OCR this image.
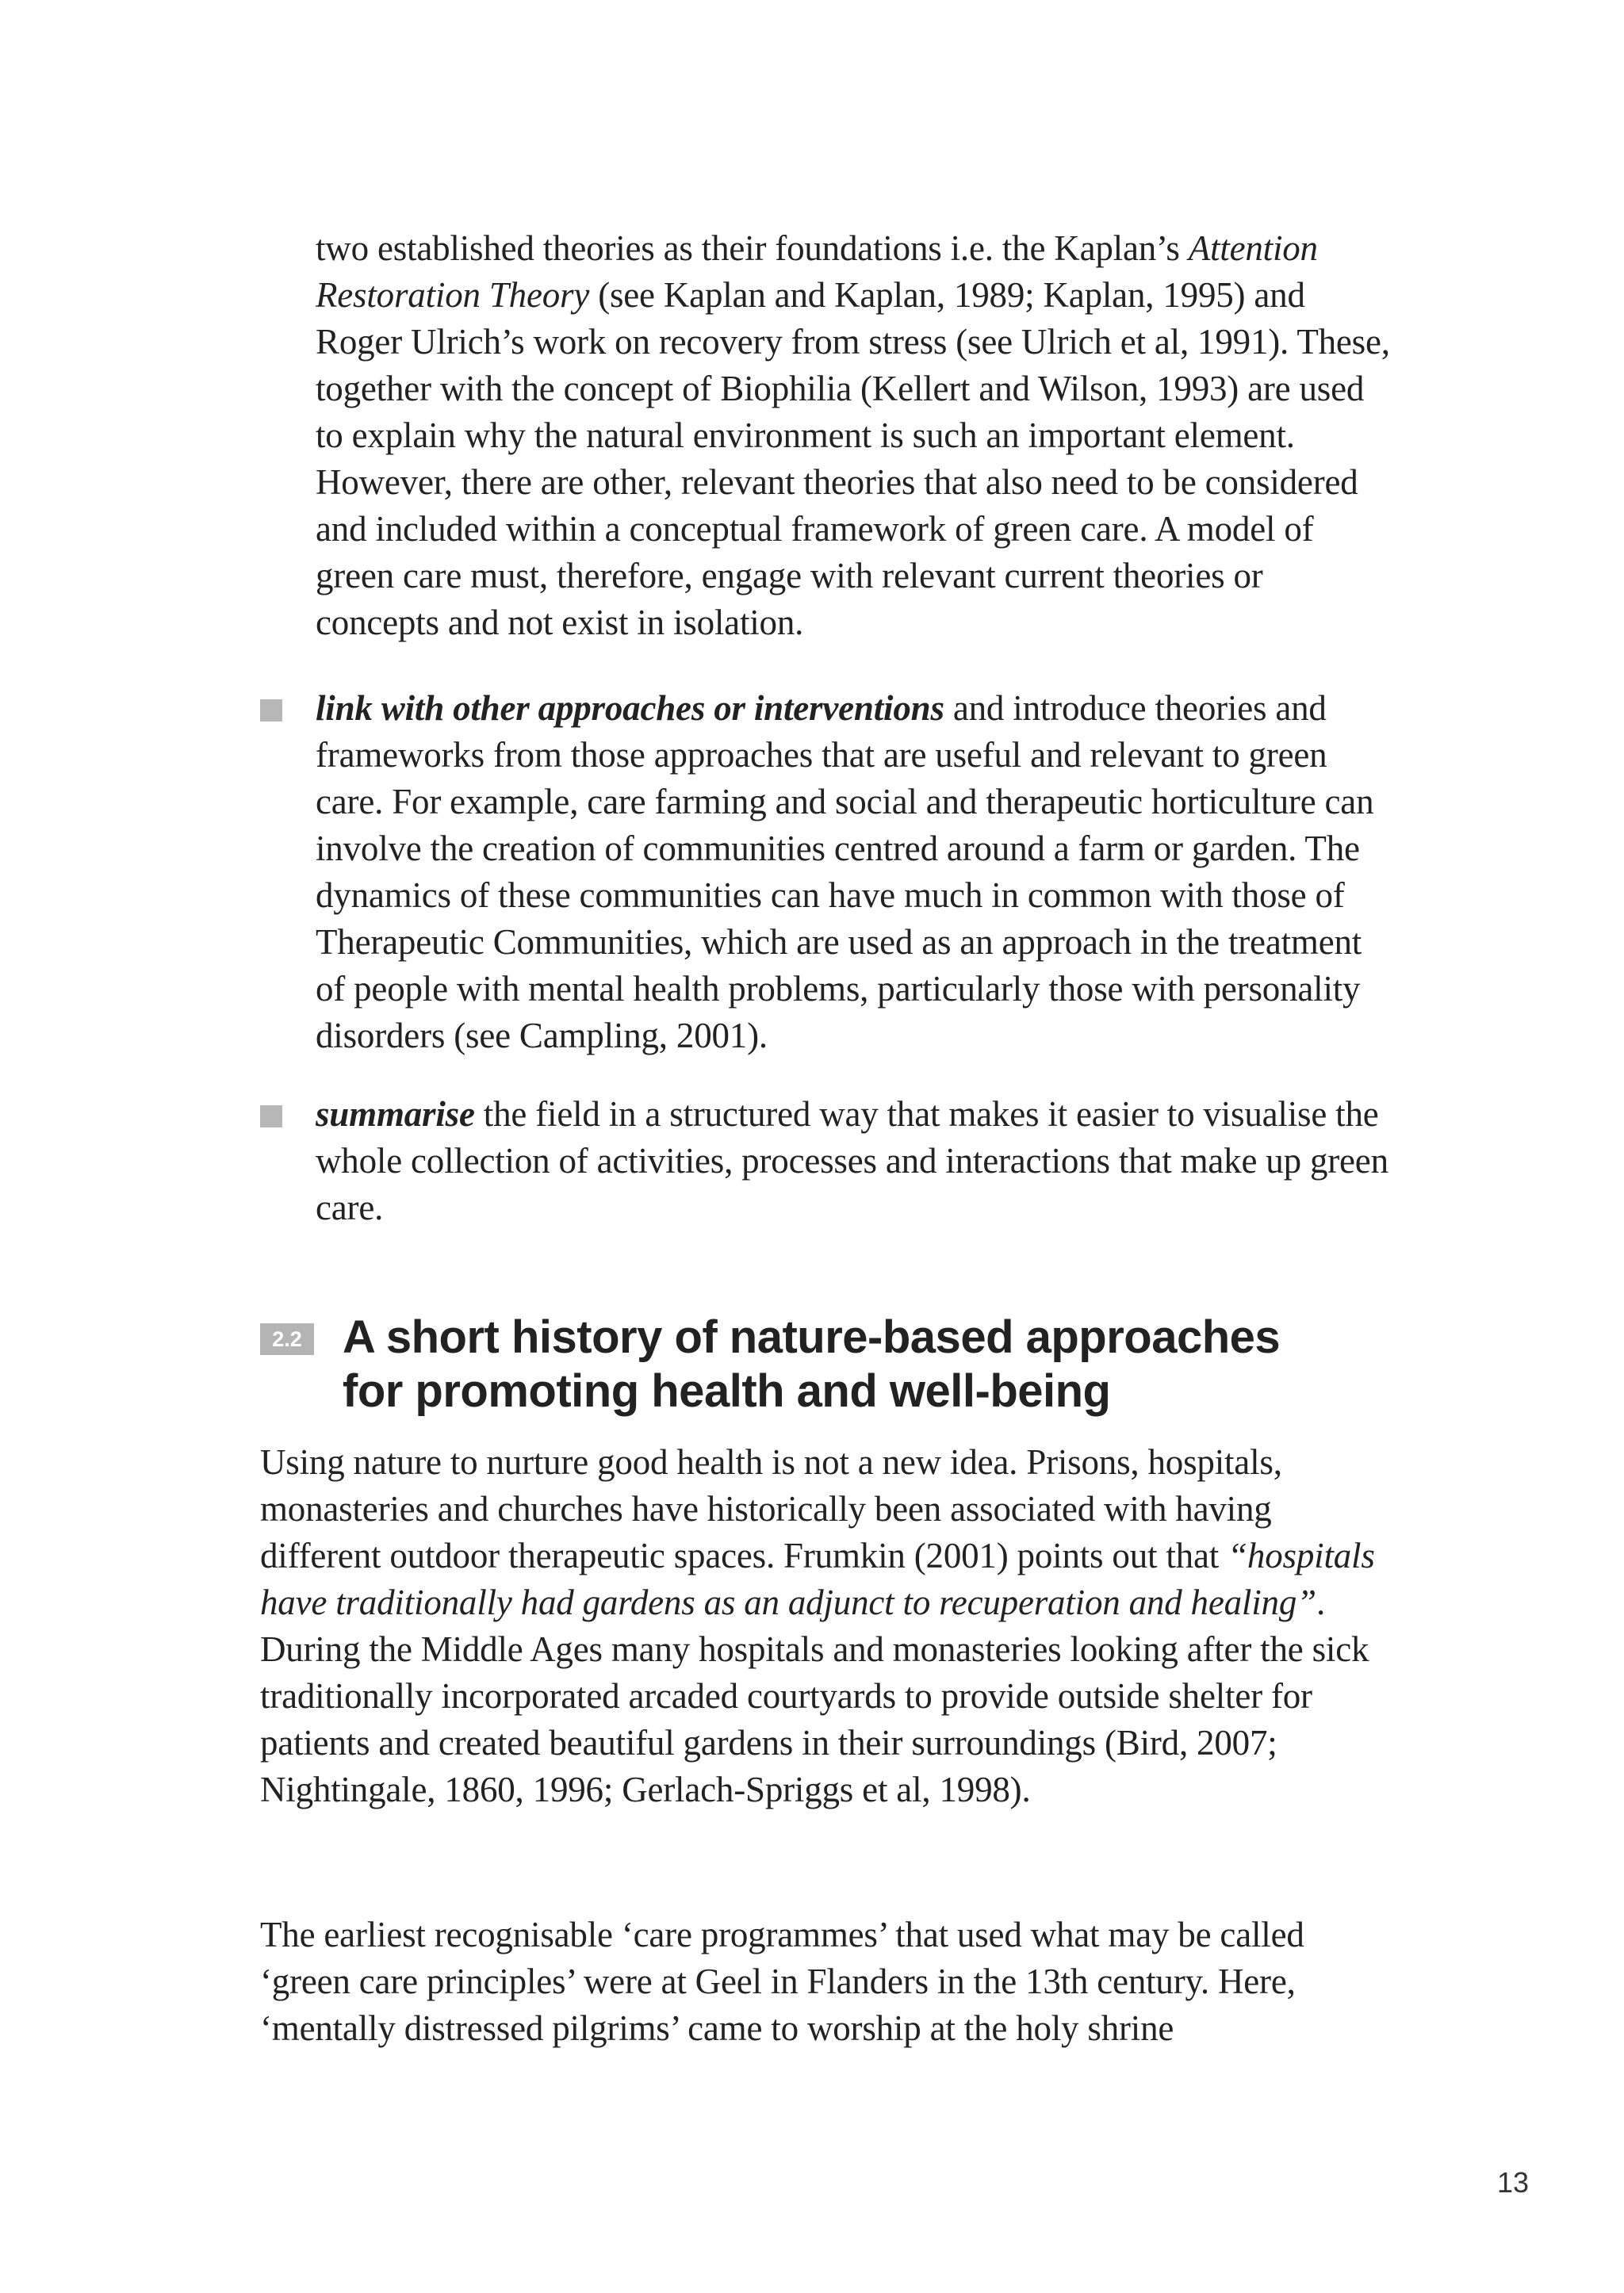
two established theories as their foundations i.e. the Kaplan’s Attention Restoration Theory (see Kaplan and Kaplan, 1989; Kaplan, 1995) and Roger Ulrich’s work on recovery from stress (see Ulrich et al, 1991). These, together with the concept of Biophilia (Kellert and Wilson, 1993) are used to explain why the natural environment is such an important element. However, there are other, relevant theories that also need to be considered and included within a conceptual framework of green care. A model of green care must, therefore, engage with relevant current theories or concepts and not exist in isolation.

link with other approaches or interventions and introduce theories and frameworks from those approaches that are useful and relevant to green care. For example, care farming and social and therapeutic horticulture can involve the creation of communities centred around a farm or garden. The dynamics of these communities can have much in common with those of Therapeutic Communities, which are used as an approach in the treatment of people with mental health problems, particularly those with personality disorders (see Campling, 2001).

summarise the field in a structured way that makes it easier to visualise the whole collection of activities, processes and interactions that make up green care.

2.2 A short history of nature-based approaches
for promoting health and well-being

Using nature to nurture good health is not a new idea. Prisons, hospitals, monasteries and churches have historically been associated with having different outdoor therapeutic spaces. Frumkin (2001) points out that “hospitals have traditionally had gardens as an adjunct to recuperation and healing”. During the Middle Ages many hospitals and monasteries looking after the sick traditionally incorporated arcaded courtyards to provide outside shelter for patients and created beautiful gardens in their surroundings (Bird, 2007; Nightingale, 1860, 1996; Gerlach-Spriggs et al, 1998).

The earliest recognisable ‘care programmes’ that used what may be called ‘green care principles’ were at Geel in Flanders in the 13th century. Here, ‘mentally distressed pilgrims’ came to worship at the holy shrine

13
